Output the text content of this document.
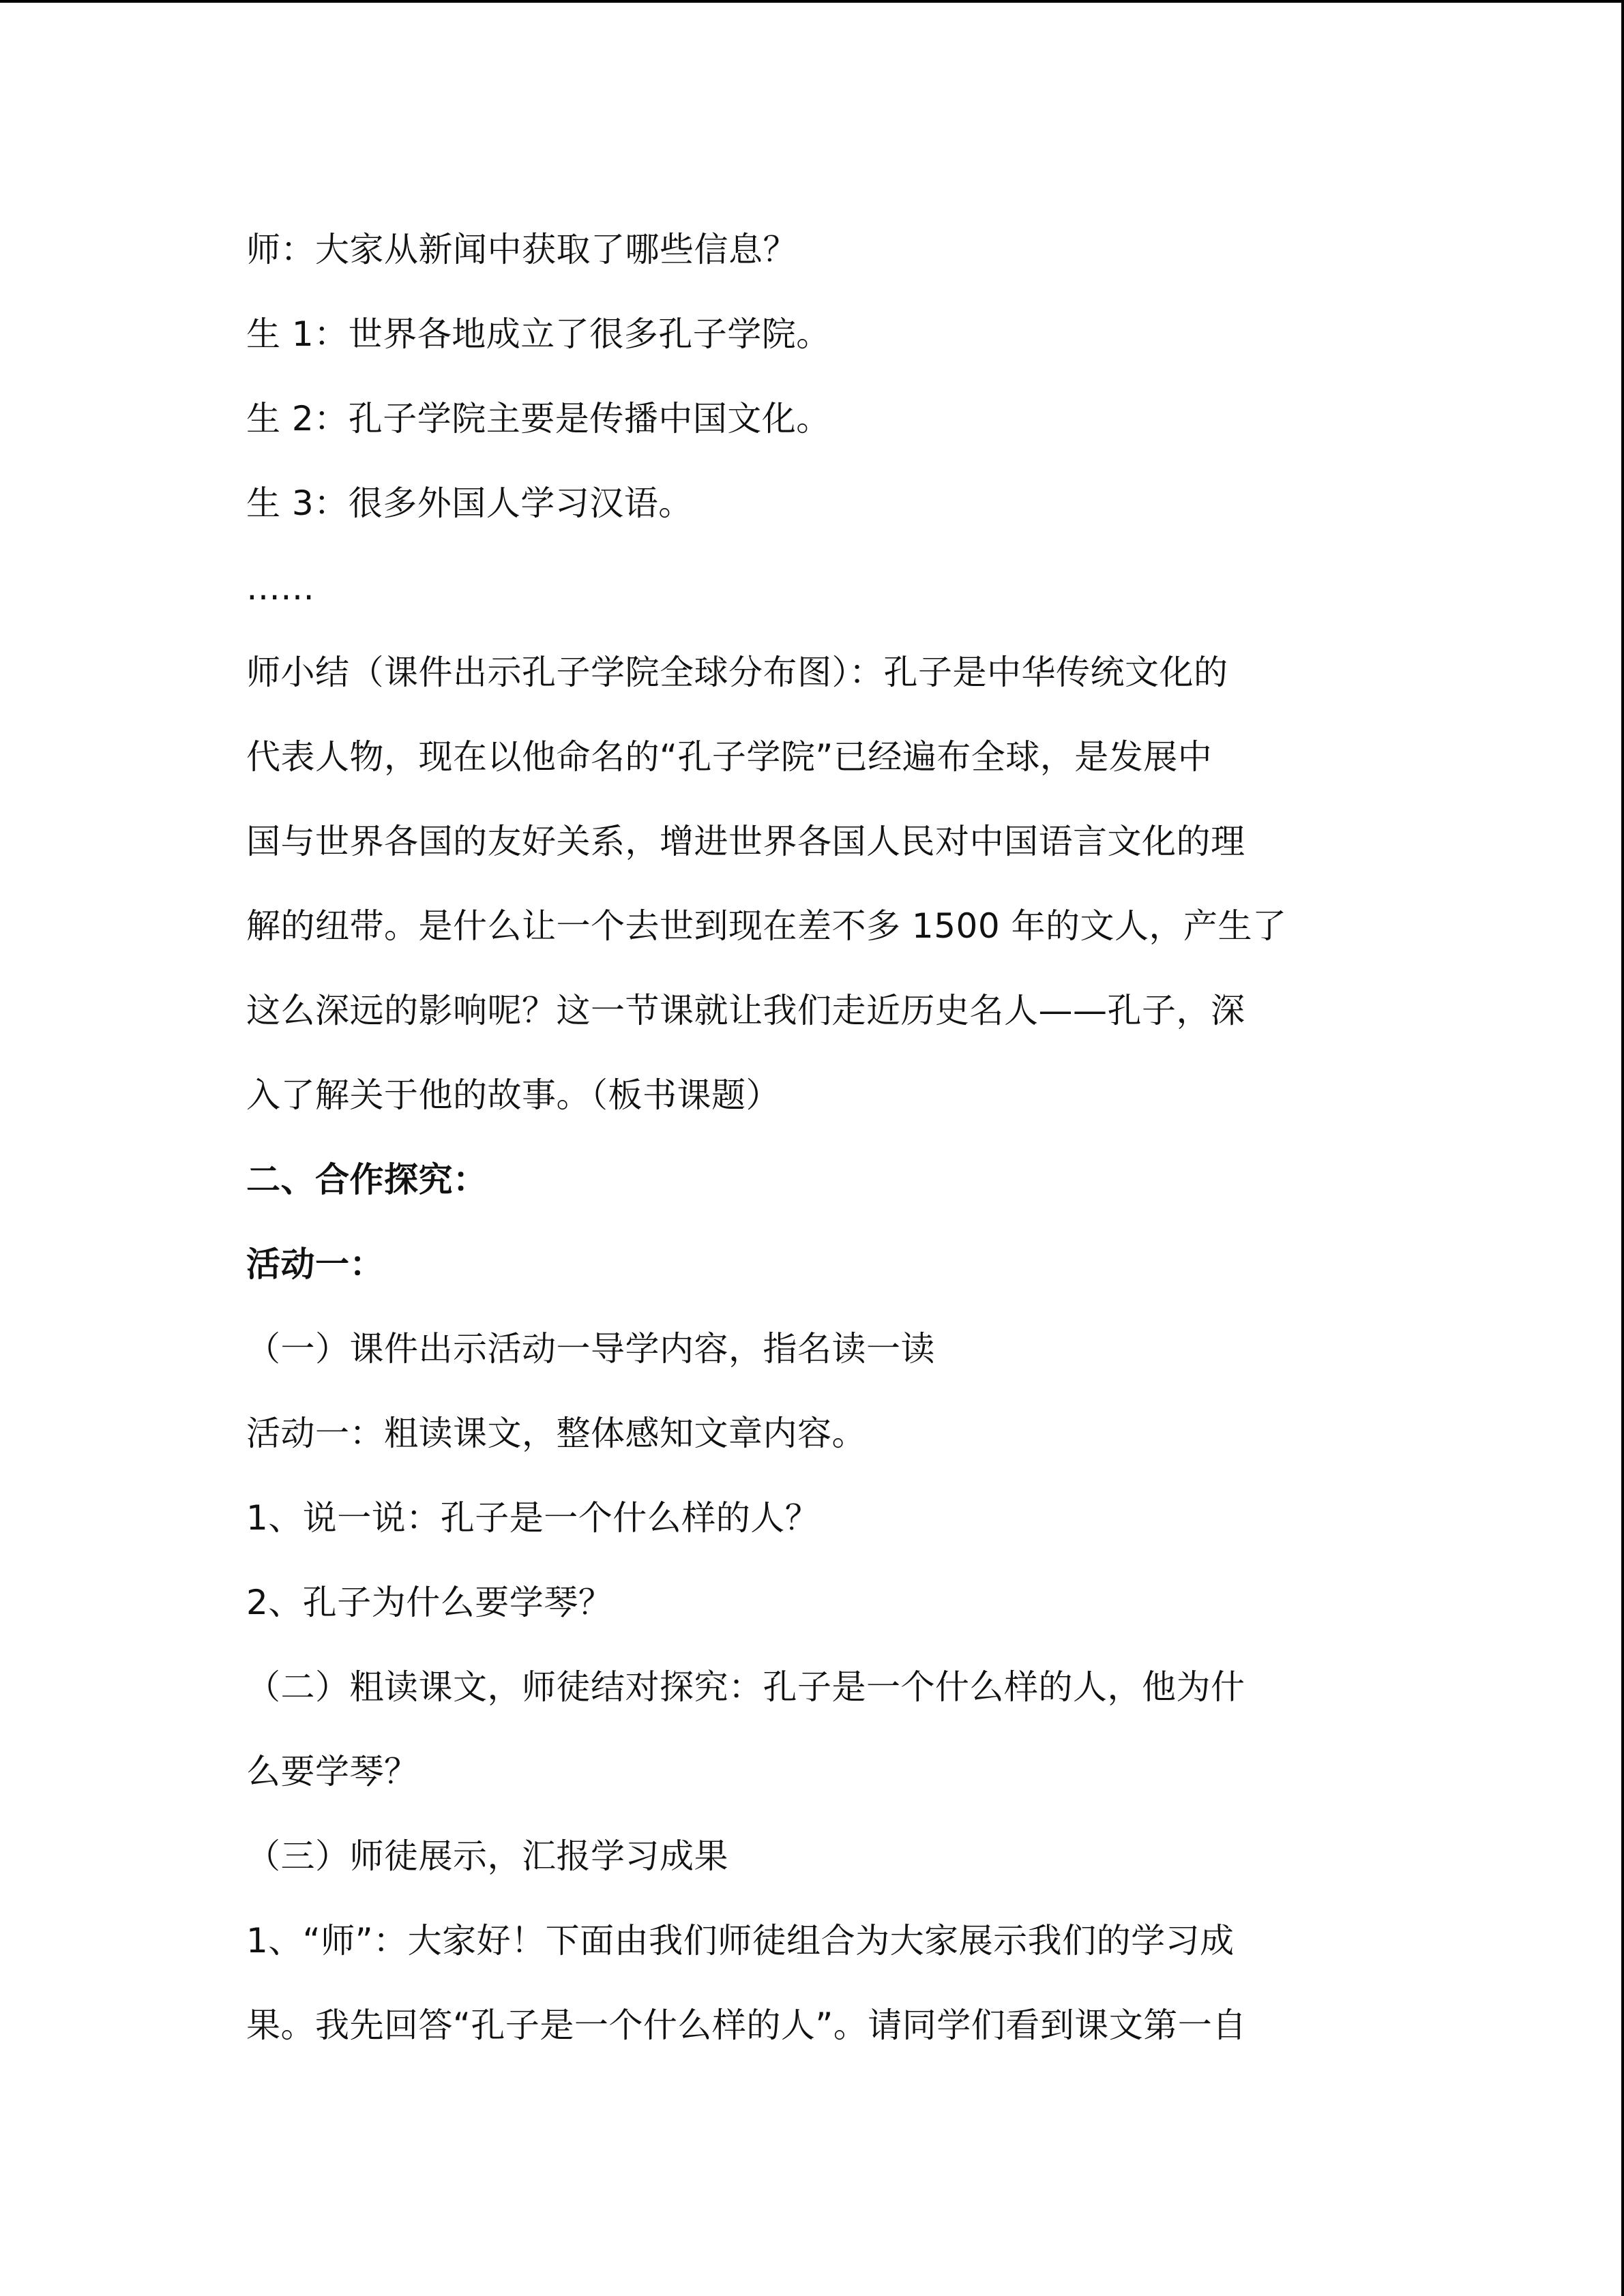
师：大家从新闻中获取了哪些信息？
生 1：世界各地成立了很多孔子学院。
生 2：孔子学院主要是传播中国文化。
生 3：很多外国人学习汉语。
……
师小结（课件出示孔子学院全球分布图）：孔子是中华传统文化的
代表人物，现在以他命名的“孔子学院”已经遍布全球，是发展中
国与世界各国的友好关系，增进世界各国人民对中国语言文化的理
解的纽带。是什么让一个去世到现在差不多 1500 年的文人，产生了
这么深远的影响呢？这一节课就让我们走近历史名人——孔子，深
入了解关于他的故事。（板书课题）
二、合作探究：
活动一：
（一）课件出示活动一导学内容，指名读一读
活动一：粗读课文，整体感知文章内容。
1、说一说：孔子是一个什么样的人？
2、孔子为什么要学琴？
（二）粗读课文，师徒结对探究：孔子是一个什么样的人，他为什
么要学琴？
（三）师徒展示，汇报学习成果
1、“师”：大家好！下面由我们师徒组合为大家展示我们的学习成
果。我先回答“孔子是一个什么样的人”。请同学们看到课文第一自
